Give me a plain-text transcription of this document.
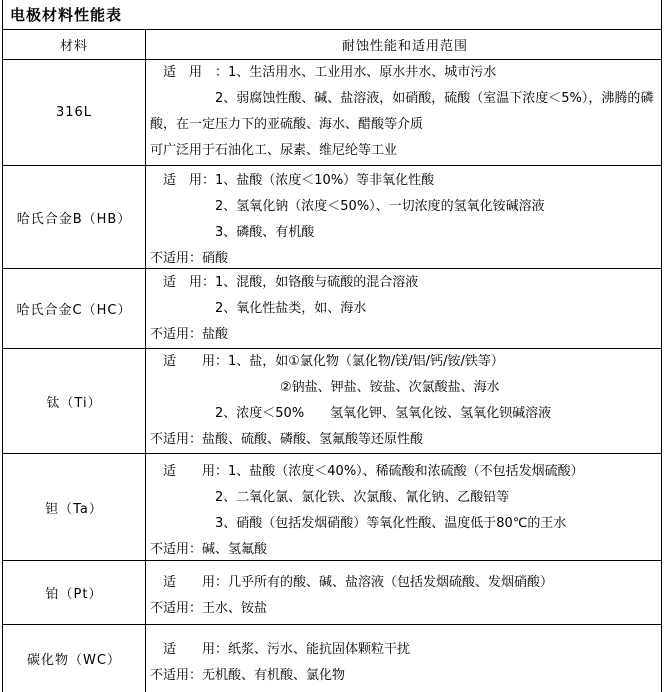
电极材料性能表
材料	耐蚀性能和适用范围
316L
　适　用　：1、生活用水、工业用水、原水井水、城市污水
　　　　　2、弱腐蚀性酸、碱、盐溶液，如硝酸，硫酸（室温下浓度＜5%），沸腾的磷
酸，在一定压力下的亚硫酸、海水、醋酸等介质
可广泛用于石油化工、尿素、维尼纶等工业
哈氏合金B（HB）
　适　用：1、盐酸（浓度＜10%）等非氧化性酸
　　　　　2、氢氧化钠（浓度＜50%）、一切浓度的氢氧化铵碱溶液
　　　　　3、磷酸、有机酸
不适用：硝酸
哈氏合金C（HC）
　适　用：1、混酸，如铬酸与硫酸的混合溶液
　　　　　2、氧化性盐类，如、海水
不适用：盐酸
钛（Ti）
　适　　用：1、盐，如①氯化物（氯化物/镁/铝/钙/铵/铁等）
　　　　　　　　　　②钠盐、钾盐、铵盐、次氯酸盐、海水
　　　　　2、浓度＜50%　　氢氧化钾、氢氧化铵、氢氧化钡碱溶液
不适用：盐酸、硫酸、磷酸、氢氟酸等还原性酸
钽（Ta）
　适　　用：1、盐酸（浓度＜40%）、稀硫酸和浓硫酸（不包括发烟硫酸）
　　　　　2、二氧化氯、氯化铁、次氯酸、氰化钠、乙酸铅等
　　　　　3、硝酸（包括发烟硝酸）等氧化性酸、温度低于80℃的王水
不适用：碱、氢氟酸
铂（Pt）
　适　　用：几乎所有的酸、碱、盐溶液（包括发烟硫酸、发烟硝酸）
不适用：王水、铵盐
碳化物（WC）
　适　　用：纸浆、污水、能抗固体颗粒干扰
不适用：无机酸、有机酸、氯化物
